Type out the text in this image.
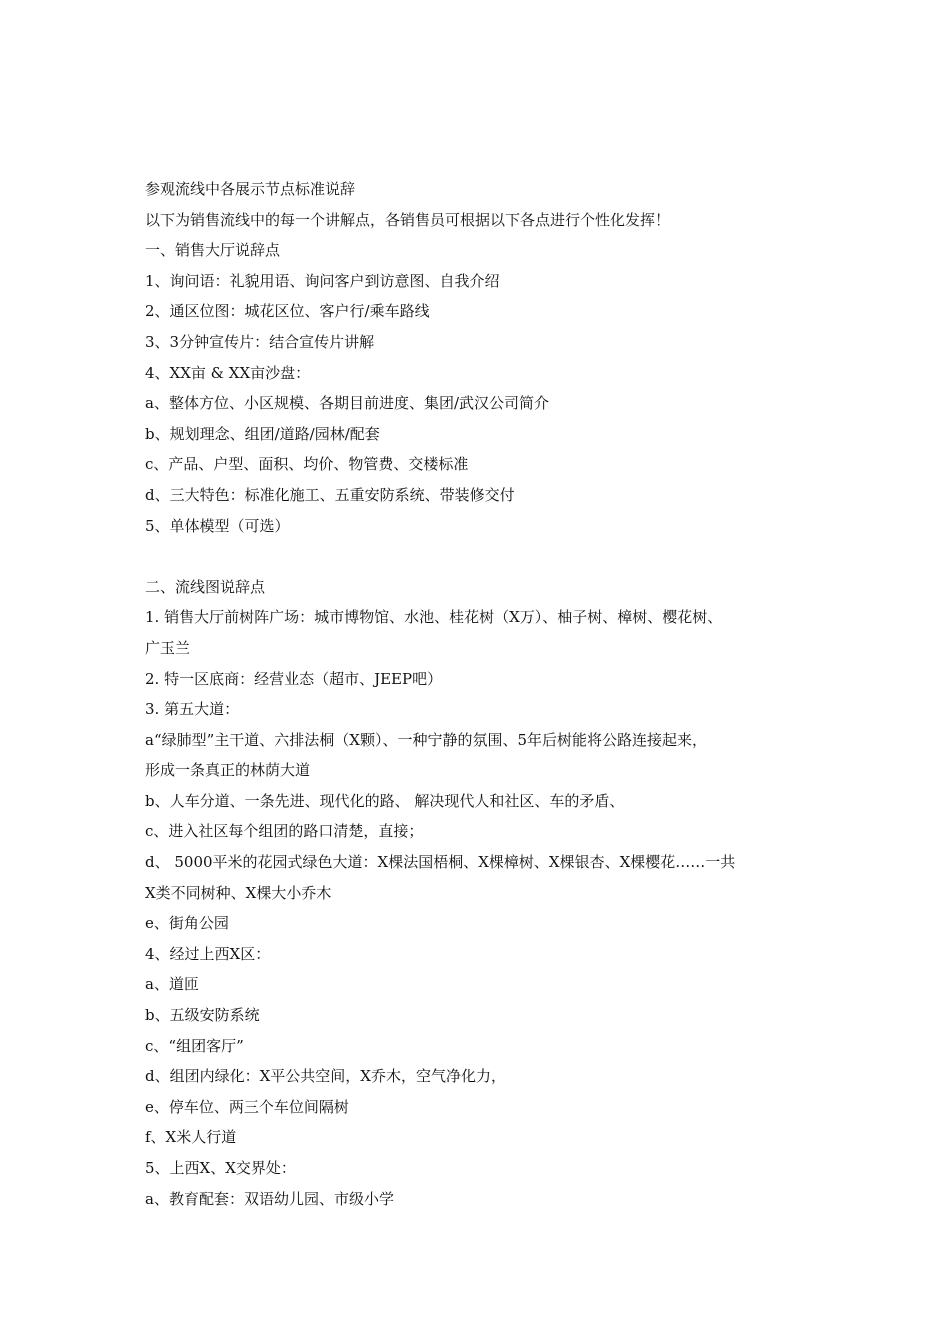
参观流线中各展示节点标准说辞
以下为销售流线中的每一个讲解点，各销售员可根据以下各点进行个性化发挥！
一、销售大厅说辞点
1、询问语：礼貌用语、询问客户到访意图、自我介绍
2、通区位图：城花区位、客户行/乘车路线
3、3分钟宣传片：结合宣传片讲解
4、XX亩 & XX亩沙盘：
a、整体方位、小区规模、各期目前进度、集团/武汉公司简介
b、规划理念、组团/道路/园林/配套
c、产品、户型、面积、均价、物管费、交楼标准
d、三大特色：标准化施工、五重安防系统、带装修交付
5、单体模型（可选）
二、流线图说辞点
1. 销售大厅前树阵广场：城市博物馆、水池、桂花树（X万）、柚子树、樟树、樱花树、
广玉兰
2. 特一区底商：经营业态（超市、JEEP吧）
3. 第五大道：
a“绿肺型”主干道、六排法桐（X颗）、一种宁静的氛围、5年后树能将公路连接起来，
形成一条真正的林荫大道
b、人车分道、一条先进、现代化的路、 解决现代人和社区、车的矛盾、
c、进入社区每个组团的路口清楚，直接；
d、 5000平米的花园式绿色大道：X棵法国梧桐、X棵樟树、X棵银杏、X棵樱花……一共
X类不同树种、X棵大小乔木
e、街角公园
4、经过上西X区：
a、道匝
b、五级安防系统
c、“组团客厅”
d、组团内绿化：X平公共空间，X乔木，空气净化力，
e、停车位、两三个车位间隔树
f、X米人行道
5、上西X、X交界处：
a、教育配套：双语幼儿园、市级小学
